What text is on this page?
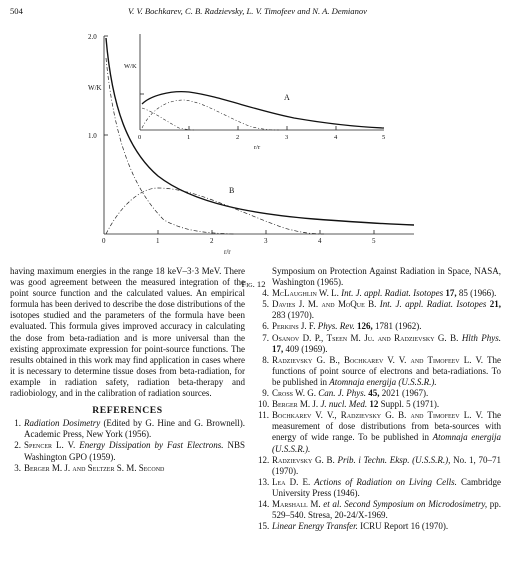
504	V. V. Bochkarev, C. B. Radzievsky, L. V. Timofeev and N. A. Demianov
2.0
1.0
W/K
0	1	2	3	4	5
r/r
B
W/K
0	1	2	3	4	5
r/r
A
Fig. 12

having maximum energies in the range 18 keV–3·3 MeV. There was good agreement between the measured integration of the point source function and the calculated values. An empirical formula has been derived to describe the dose distributions of the isotopes studied and the parameters of the formula have been evaluated. This formula gives improved accuracy in calculating the dose from beta-radiation and is more universal than the existing approximate expression for point-source functions. The results obtained in this work may find application in cases where it is necessary to determine tissue doses from beta-radiation, for example in radiation safety, radiation beta-therapy and radiobiology, and in the calibration of radiation sources.

REFERENCES
1. Radiation Dosimetry (Edited by G. Hine and G. Brownell). Academic Press, New York (1956).
2. Spencer L. V. Energy Dissipation by Fast Electrons. NBS Washington GPO (1959).
3. Berger M. J. and Seltzer S. M. Second
Symposium on Protection Against Radiation in Space, NASA, Washington (1965).
4. McLaughlin W. L. Int. J. appl. Radiat. Isotopes 17, 85 (1966).
5. Davies J. M. and MoQue B. Int. J. appl. Radiat. Isotopes 21, 283 (1970).
6. Perkins J. F. Phys. Rev. 126, 1781 (1962).
7. Osanov D. P., Tseen M. Ju. and Radzievsky G. B. Hlth Phys. 17, 409 (1969).
8. Radzievsky G. B., Bochkarev V. V. and Timofeev L. V. The functions of point source of electrons and beta-radiations. To be published in Atomnaja energija (U.S.S.R.).
9. Cross W. G. Can. J. Phys. 45, 2021 (1967).
10. Berger M. J. J. nucl. Med. 12 Suppl. 5 (1971).
11. Bochkarev V. V., Radzievsky G. B. and Timofeev L. V. The measurement of dose distributions from beta-sources with energy of wide range. To be published in Atomnaja energija (U.S.S.R.).
12. Radzievsky G. B. Prib. i Techn. Eksp. (U.S.S.R.), No. 1, 70–71 (1970).
13. Lea D. E. Actions of Radiation on Living Cells. Cambridge University Press (1946).
14. Marshall M. et al. Second Symposium on Microdosimetry, pp. 529–540. Stresa, 20-24/X-1969.
15. Linear Energy Transfer. ICRU Report 16 (1970).
